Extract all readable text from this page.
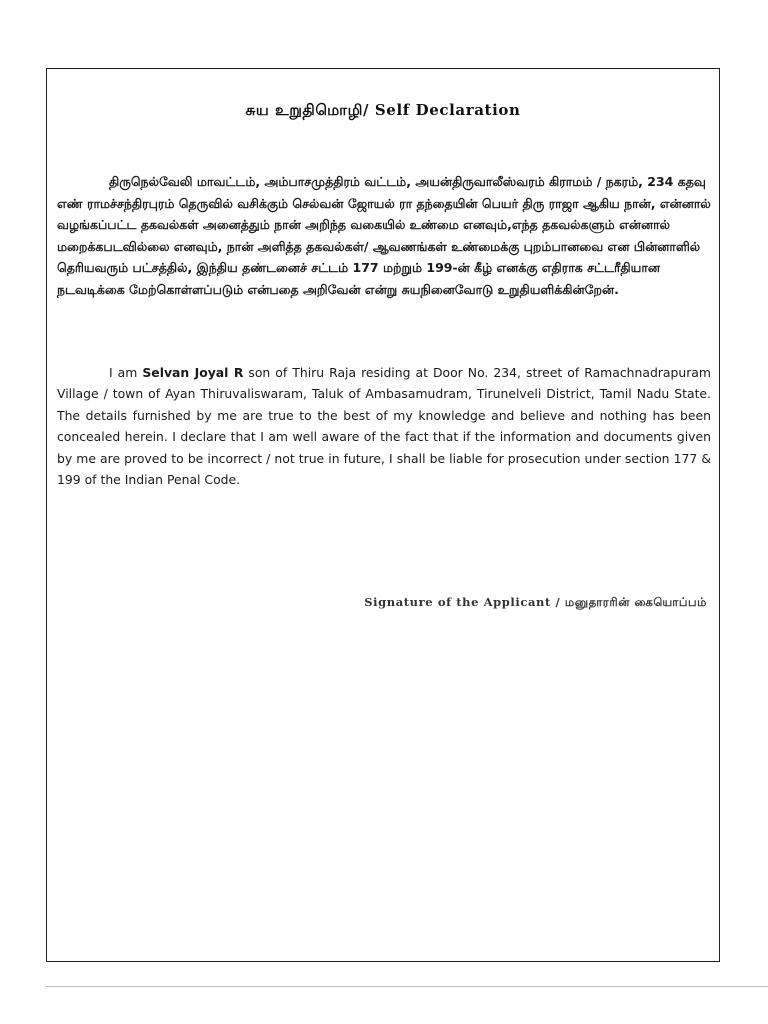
சுய உறுதிமொழி/ Self Declaration

திருநெல்வேலி மாவட்டம், அம்பாசமுத்திரம் வட்டம், அயன்திருவாலீஸ்வரம் கிராமம் / நகரம், 234 கதவு எண் ராமச்சந்திரபுரம் தெருவில் வசிக்கும் செல்வன் ஜோயல் ரா தந்தையின் பெயர் திரு ராஜா ஆகிய நான், என்னால் வழங்கப்பட்ட தகவல்கள் அனைத்தும் நான் அறிந்த வகையில் உண்மை எனவும்,எந்த தகவல்களும் என்னால் மறைக்கபடவில்லை எனவும், நான் அளித்த தகவல்கள்/ ஆவணங்கள் உண்மைக்கு புறம்பானவை என பின்னாளில் தெரியவரும் பட்சத்தில், இந்திய தண்டனைச் சட்டம் 177 மற்றும் 199-ன் கீழ் எனக்கு எதிராக சட்டரீதியான நடவடிக்கை மேற்கொள்ளப்படும் என்பதை அறிவேன் என்று சுயநினைவோடு உறுதியளிக்கின்றேன்.

I am Selvan Joyal R son of Thiru Raja residing at Door No. 234, street of Ramachnadrapuram Village / town of Ayan Thiruvaliswaram, Taluk of Ambasamudram, Tirunelveli District, Tamil Nadu State. The details furnished by me are true to the best of my knowledge and believe and nothing has been concealed herein. I declare that I am well aware of the fact that if the information and documents given by me are proved to be incorrect / not true in future, I shall be liable for prosecution under section 177 & 199 of the Indian Penal Code.

Signature of the Applicant / மனுதாரரின் கையொப்பம்
